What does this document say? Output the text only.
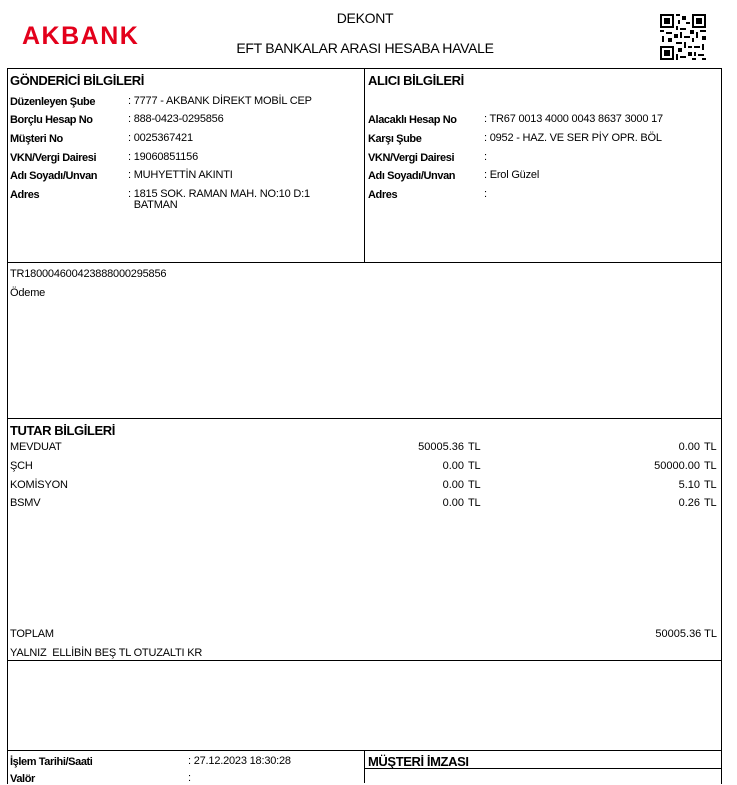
AKBANK
DEKONT
EFT BANKALAR ARASI HESABA HAVALE
GÖNDERİCİ BİLGİLERİ
Düzenleyen Şube	: 7777 - AKBANK DİREKT MOBİL CEP
Borçlu Hesap No	: 888-0423-0295856
Müşteri No	: 0025367421
VKN/Vergi Dairesi	: 19060851156
Adı Soyadı/Unvan	: MUHYETTİN AKINTI
Adres	: 1815 SOK. RAMAN MAH. NO:10 D:1
BATMAN
ALICI BİLGİLERİ
Alacaklı Hesap No : TR67 0013 4000 0043 8637 3000 17
Karşı Şube	: 0952 - HAZ. VE SER PİY OPR. BÖL
VKN/Vergi Dairesi	:
Adı Soyadı/Unvan	: Erol Güzel
Adres	:
TR180004600423888000295856
Ödeme
TUTAR BİLGİLERİ
MEVDUAT	50005.36 TL	0.00 TL
ŞCH	0.00 TL	50000.00 TL
KOMİSYON	0.00 TL	5.10 TL
BSMV	0.00 TL	0.26 TL
TOPLAM	50005.36 TL
YALNIZ  ELLİBİN BEŞ TL OTUZALTI KR
İşlem Tarihi/Saati	: 27.12.2023 18:30:28
Valör	:
MÜŞTERİ İMZASI
